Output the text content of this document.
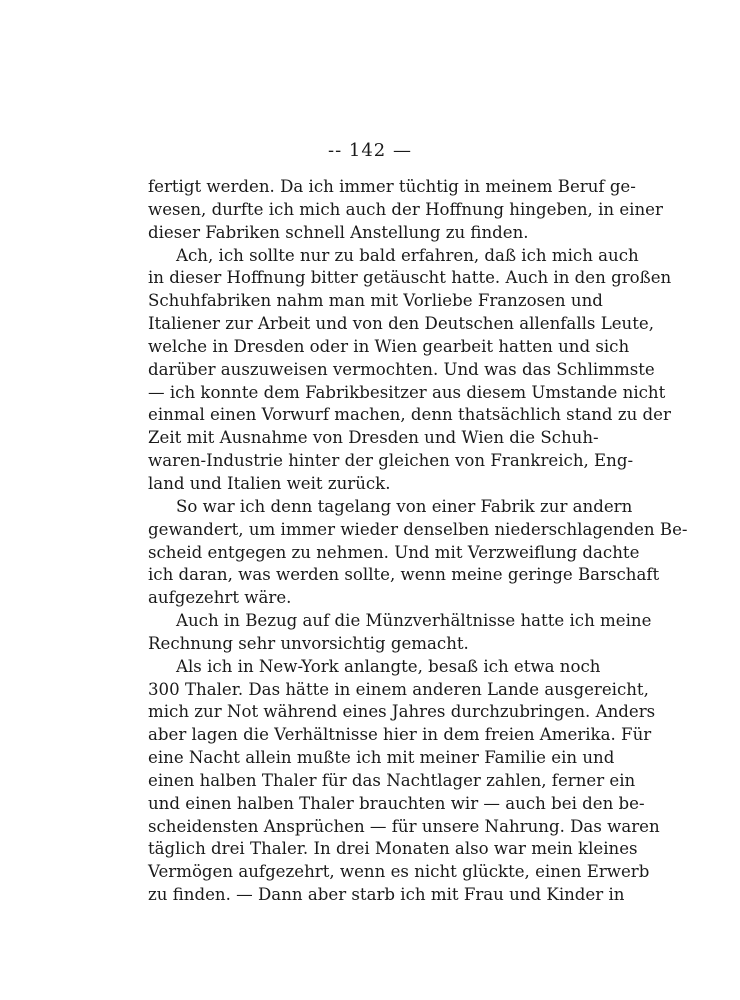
-- 142 —
fertigt werden. Da ich immer tüchtig in meinem Beruf ge-
wesen, durfte ich mich auch der Hoffnung hingeben, in einer
dieser Fabriken schnell Anstellung zu finden.
Ach, ich sollte nur zu bald erfahren, daß ich mich auch
in dieser Hoffnung bitter getäuscht hatte. Auch in den großen
Schuhfabriken nahm man mit Vorliebe Franzosen und
Italiener zur Arbeit und von den Deutschen allenfalls Leute,
welche in Dresden oder in Wien gearbeit hatten und sich
darüber auszuweisen vermochten. Und was das Schlimmste
— ich konnte dem Fabrikbesitzer aus diesem Umstande nicht
einmal einen Vorwurf machen, denn thatsächlich stand zu der
Zeit mit Ausnahme von Dresden und Wien die Schuh-
waren-Industrie hinter der gleichen von Frankreich, Eng-
land und Italien weit zurück.
So war ich denn tagelang von einer Fabrik zur andern
gewandert, um immer wieder denselben niederschlagenden Be-
scheid entgegen zu nehmen. Und mit Verzweiflung dachte
ich daran, was werden sollte, wenn meine geringe Barschaft
aufgezehrt wäre.
Auch in Bezug auf die Münzverhältnisse hatte ich meine
Rechnung sehr unvorsichtig gemacht.
Als ich in New-York anlangte, besaß ich etwa noch
300 Thaler. Das hätte in einem anderen Lande ausgereicht,
mich zur Not während eines Jahres durchzubringen. Anders
aber lagen die Verhältnisse hier in dem freien Amerika. Für
eine Nacht allein mußte ich mit meiner Familie ein und
einen halben Thaler für das Nachtlager zahlen, ferner ein
und einen halben Thaler brauchten wir — auch bei den be-
scheidensten Ansprüchen — für unsere Nahrung. Das waren
täglich drei Thaler. In drei Monaten also war mein kleines
Vermögen aufgezehrt, wenn es nicht glückte, einen Erwerb
zu finden. — Dann aber starb ich mit Frau und Kinder in
